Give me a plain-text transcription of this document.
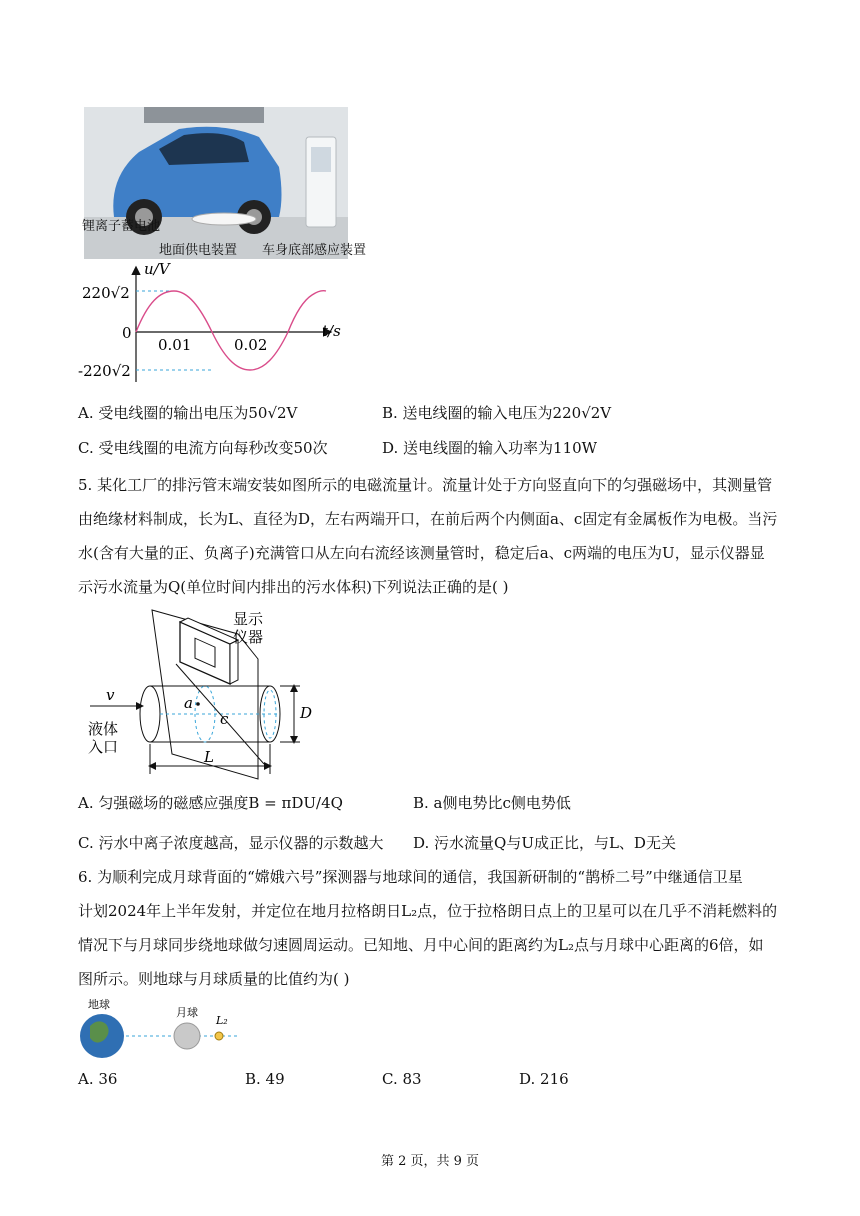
锂离子蓄电池
地面供电装置 车身底部感应装置
u/V
t/s
220√2
-220√2
0
0.01	0.02
A. 受电线圈的输出电压为50√2V	B. 送电线圈的输入电压为220√2V
C. 受电线圈的电流方向每秒改变50次	D. 送电线圈的输入功率为110W
5. 某化工厂的排污管末端安装如图所示的电磁流量计。流量计处于方向竖直向下的匀强磁场中，其测量管
由绝缘材料制成，长为L、直径为D，左右两端开口，在前后两个内侧面a、c固定有金属板作为电极。当污
水(含有大量的正、负离子)充满管口从左向右流经该测量管时，稳定后a、c两端的电压为U，显示仪器显
示污水流量为Q(单位时间内排出的污水体积)下列说法正确的是( )
显示
仪器
v
液体
入口
a
c	D
L
A. 匀强磁场的磁感应强度B = πDU/4Q	B. a侧电势比c侧电势低
C. 污水中离子浓度越高，显示仪器的示数越大 D. 污水流量Q与U成正比，与L、D无关
6. 为顺利完成月球背面的“嫦娥六号”探测器与地球间的通信，我国新研制的“鹊桥二号”中继通信卫星
计划2024年上半年发射，并定位在地月拉格朗日L₂点，位于拉格朗日点上的卫星可以在几乎不消耗燃料的
情况下与月球同步绕地球做匀速圆周运动。已知地、月中心间的距离约为L₂点与月球中心距离的6倍，如
图所示。则地球与月球质量的比值约为( )
地球
月球
L₂
A. 36	B. 49	C. 83	D. 216
第 2 页，共 9 页
